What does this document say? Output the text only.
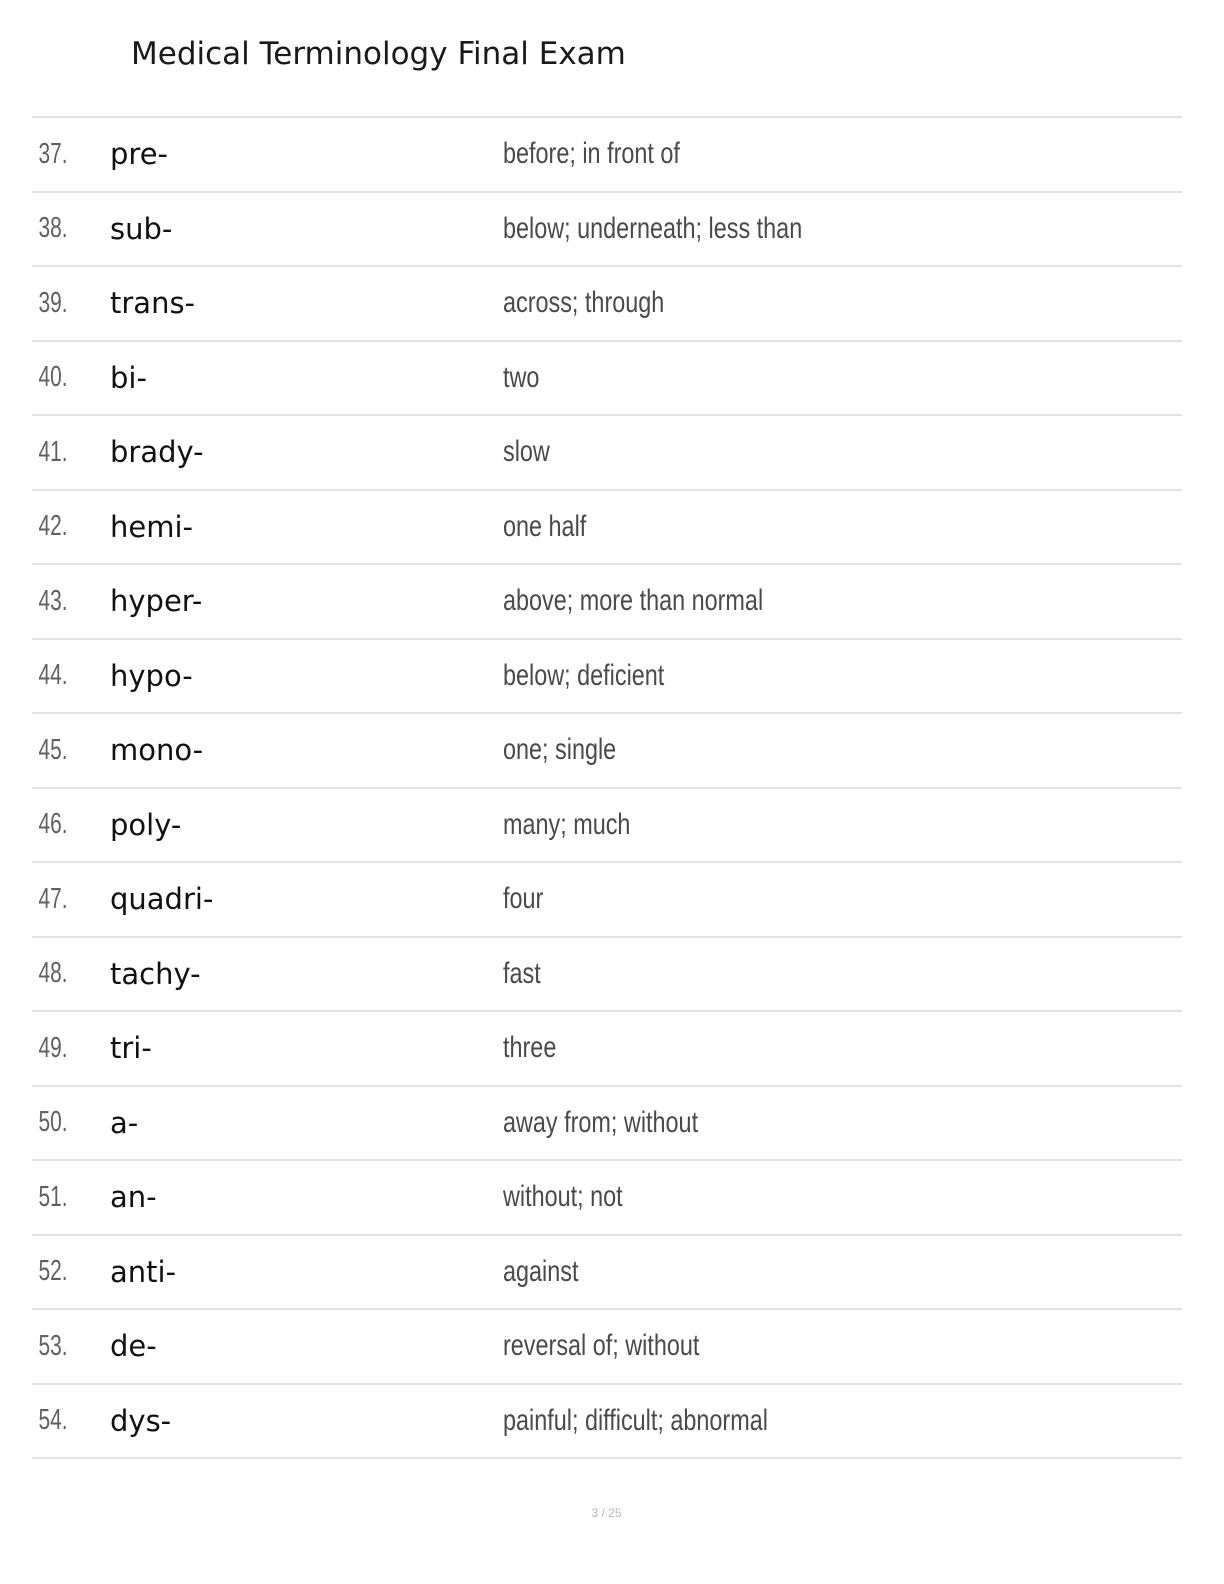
Medical Terminology Final Exam
37.	pre-	before; in front of
38.	sub-	below; underneath; less than
39.	trans-	across; through
40.	bi-	two
41.	brady-	slow
42.	hemi-	one half
43.	hyper-	above; more than normal
44.	hypo-	below; deficient
45.	mono-	one; single
46.	poly-	many; much
47.	quadri-	four
48.	tachy-	fast
49.	tri-	three
50.	a-	away from; without
51.	an-	without; not
52.	anti-	against
53.	de-	reversal of; without
54.	dys-	painful; difficult; abnormal
3 / 25
